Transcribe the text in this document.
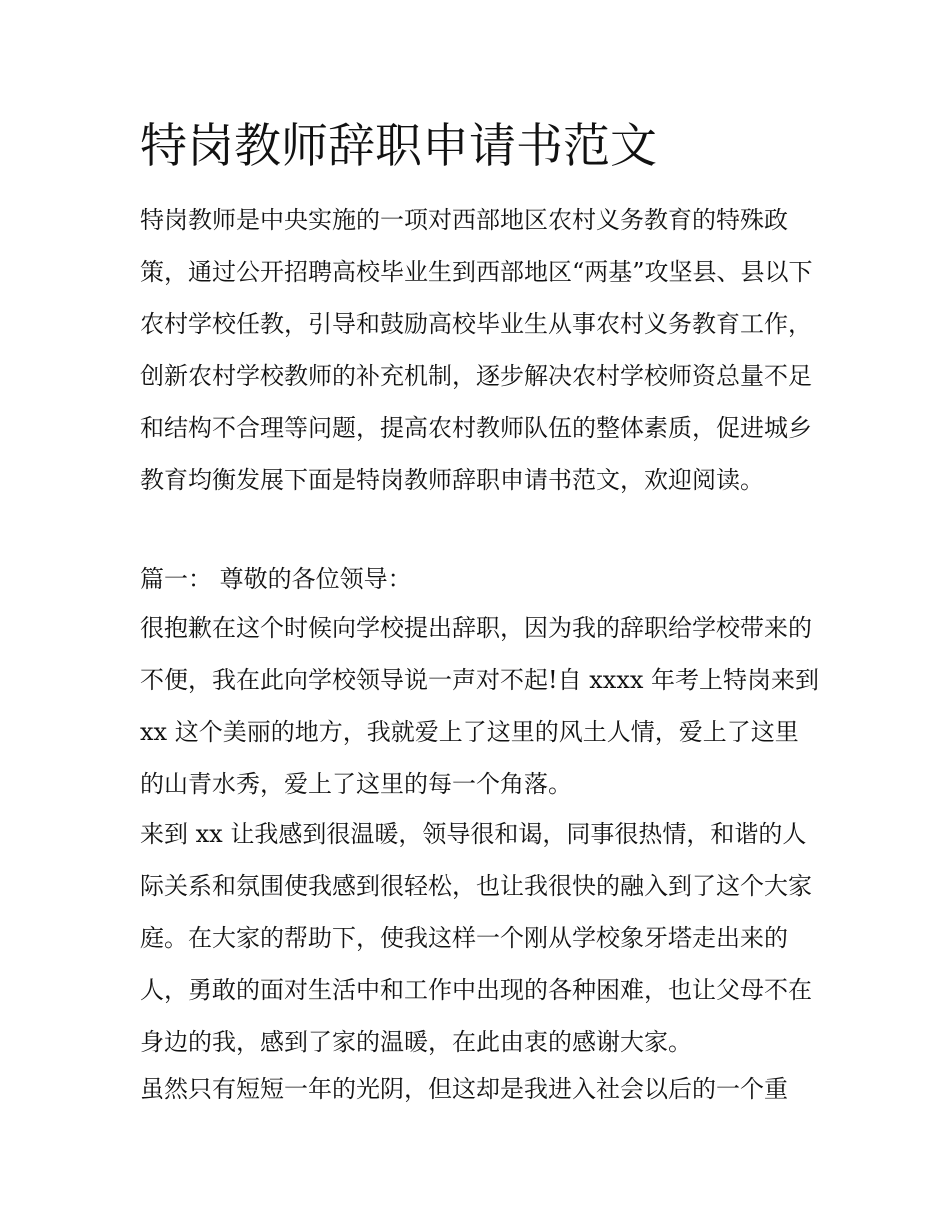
特岗教师辞职申请书范文

特岗教师是中央实施的一项对西部地区农村义务教育的特殊政策，通过公开招聘高校毕业生到西部地区“两基”攻坚县、县以下农村学校任教，引导和鼓励高校毕业生从事农村义务教育工作，创新农村学校教师的补充机制，逐步解决农村学校师资总量不足和结构不合理等问题，提高农村教师队伍的整体素质，促进城乡教育均衡发展下面是特岗教师辞职申请书范文，欢迎阅读。

篇一： 尊敬的各位领导：

很抱歉在这个时候向学校提出辞职，因为我的辞职给学校带来的不便，我在此向学校领导说一声对不起!自 xxxx 年考上特岗来到 xx 这个美丽的地方，我就爱上了这里的风土人情，爱上了这里的山青水秀，爱上了这里的每一个角落。

来到 xx 让我感到很温暖，领导很和谒，同事很热情，和谐的人际关系和氛围使我感到很轻松，也让我很快的融入到了这个大家庭。在大家的帮助下，使我这样一个刚从学校象牙塔走出来的人，勇敢的面对生活中和工作中出现的各种困难，也让父母不在身边的我，感到了家的温暖，在此由衷的感谢大家。

虽然只有短短一年的光阴，但这却是我进入社会以后的一个重
